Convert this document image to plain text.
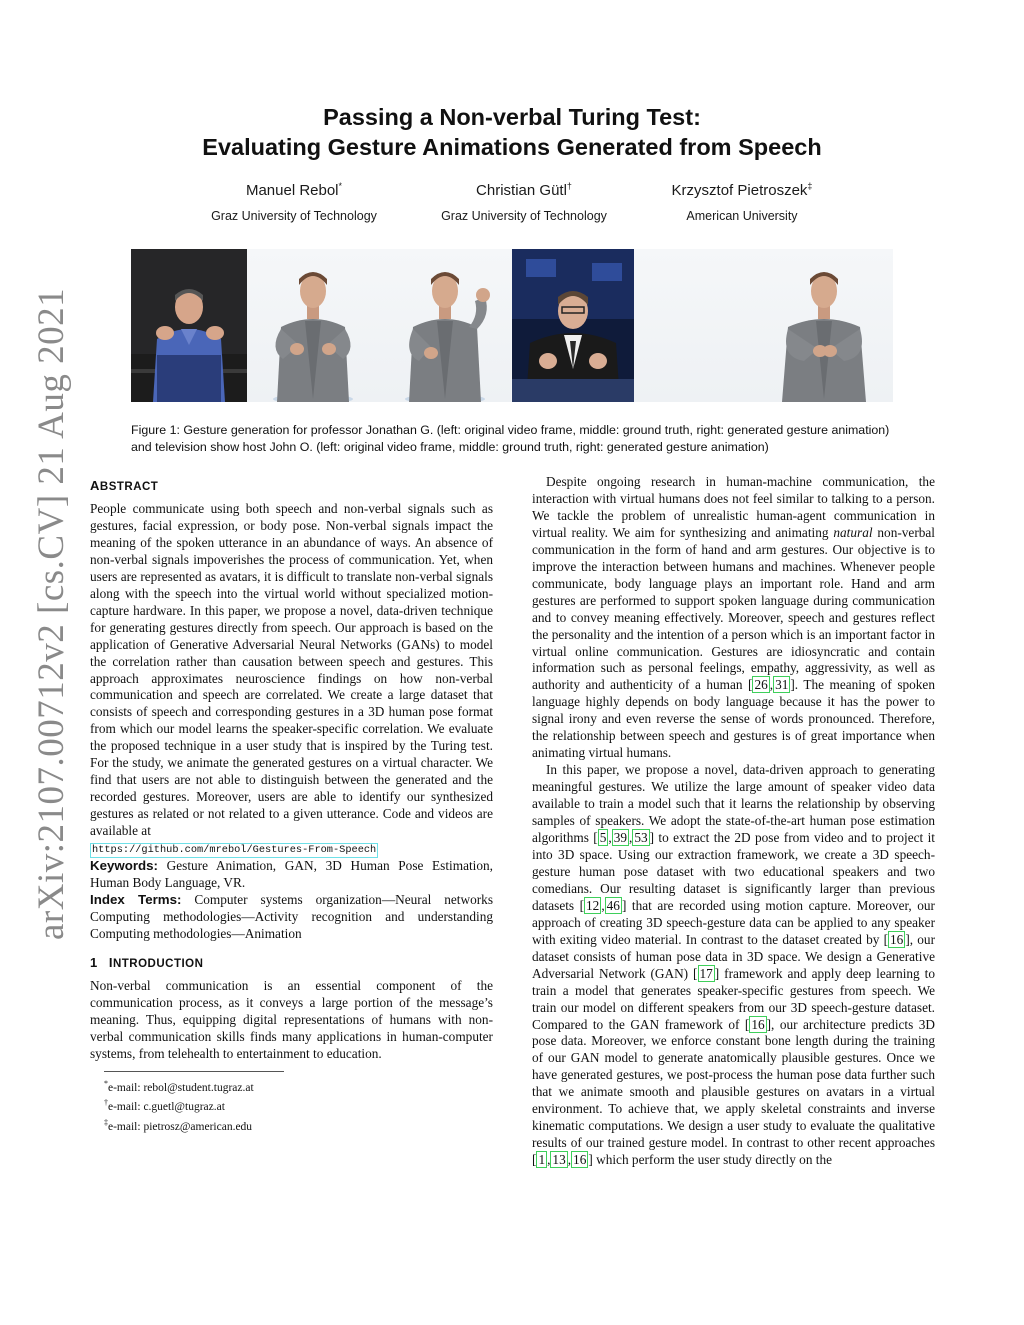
arXiv:2107.00712v2 [cs.CV] 21 Aug 2021
Passing a Non-verbal Turing Test:
Evaluating Gesture Animations Generated from Speech
Manuel Rebol*
Graz University of Technology
Christian Gütl†
Graz University of Technology
Krzysztof Pietroszek‡
American University
Figure 1: Gesture generation for professor Jonathan G. (left: original video frame, middle: ground truth, right: generated gesture animation) and television show host John O. (left: original video frame, middle: ground truth, right: generated gesture animation)
ABSTRACT

People communicate using both speech and non-verbal signals such as gestures, facial expression, or body pose. Non-verbal signals impact the meaning of the spoken utterance in an abundance of ways. An absence of non-verbal signals impoverishes the process of communication. Yet, when users are represented as avatars, it is difficult to translate non-verbal signals along with the speech into the virtual world without specialized motion-capture hardware. In this paper, we propose a novel, data-driven technique for generating gestures directly from speech. Our approach is based on the application of Generative Adversarial Neural Networks (GANs) to model the correlation rather than causation between speech and gestures. This approach approximates neuroscience findings on how non-verbal communication and speech are correlated. We create a large dataset that consists of speech and corresponding gestures in a 3D human pose format from which our model learns the speaker-specific correlation. We evaluate the proposed technique in a user study that is inspired by the Turing test. For the study, we animate the generated gestures on a virtual character. We find that users are not able to distinguish between the generated and the recorded gestures. Moreover, users are able to identify our synthesized gestures as related or not related to a given utterance. Code and videos are available at
https://github.com/mrebol/Gestures-From-Speech

Keywords: Gesture Animation, GAN, 3D Human Pose Estimation, Human Body Language, VR.

Index Terms: Computer systems organization—Neural networks Computing methodologies—Activity recognition and understanding Computing methodologies—Animation

1 INTRODUCTION

Non-verbal communication is an essential component of the communication process, as it conveys a large portion of the message’s meaning. Thus, equipping digital representations of humans with non-verbal communication skills finds many applications in human-computer systems, from telehealth to entertainment to education.

*e-mail: rebol@student.tugraz.at
†e-mail: c.guetl@tugraz.at
‡e-mail: pietrosz@american.edu

Despite ongoing research in human-machine communication, the interaction with virtual humans does not feel similar to talking to a person. We tackle the problem of unrealistic human-agent communication in virtual reality. We aim for synthesizing and animating natural non-verbal communication in the form of hand and arm gestures. Our objective is to improve the interaction between humans and machines. Whenever people communicate, body language plays an important role. Hand and arm gestures are performed to support spoken language during communication and to convey meaning effectively. Moreover, speech and gestures reflect the personality and the intention of a person which is an important factor in virtual online communication. Gestures are idiosyncratic and contain information such as personal feelings, empathy, aggressivity, as well as authority and authenticity of a human [ 26 , 31 ]. The meaning of spoken language highly depends on body language because it has the power to signal irony and even reverse the sense of words pronounced. Therefore, the relationship between speech and gestures is of great importance when animating virtual humans.

In this paper, we propose a novel, data-driven approach to generating meaningful gestures. We utilize the large amount of speaker video data available to train a model such that it learns the relationship by observing samples of speakers. We adopt the state-of-the-art human pose estimation algorithms [ 5 , 39 , 53 ] to extract the 2D pose from video and to project it into 3D space. Using our extraction framework, we create a 3D speech-gesture human pose dataset with two educational speakers and two comedians. Our resulting dataset is significantly larger than previous datasets [ 12 , 46 ] that are recorded using motion capture. Moreover, our approach of creating 3D speech-gesture data can be applied to any speaker with exiting video material. In contrast to the dataset created by [ 16 ], our dataset consists of human pose data in 3D space. We design a Generative Adversarial Network (GAN) [ 17 ] framework and apply deep learning to train a model that generates speaker-specific gestures from speech. We train our model on different speakers from our 3D speech-gesture dataset. Compared to the GAN framework of [ 16 ], our architecture predicts 3D pose data. Moreover, we enforce constant bone length during the training of our GAN model to generate anatomically plausible gestures. Once we have generated gestures, we post-process the human pose data further such that we animate smooth and plausible gestures on avatars in a virtual environment. To achieve that, we apply skeletal constraints and inverse kinematic computations. We design a user study to evaluate the qualitative results of our trained gesture model. In contrast to other recent approaches [ 1 , 13 , 16 ] which perform the user study directly on the
